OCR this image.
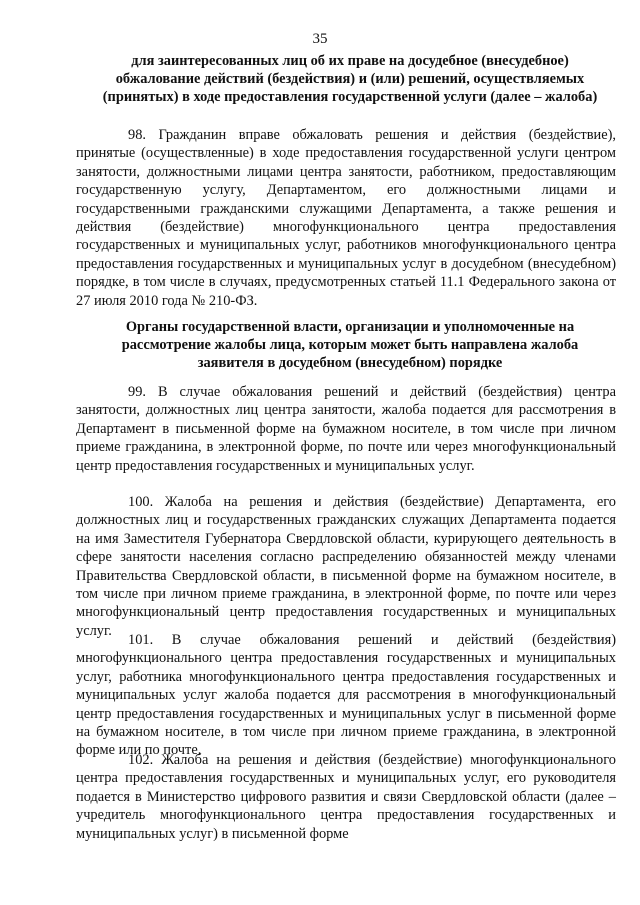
35
для заинтересованных лиц об их праве на досудебное (внесудебное) обжалование действий (бездействия) и (или) решений, осуществляемых (принятых) в ходе предоставления государственной услуги (далее – жалоба)
98. Гражданин вправе обжаловать решения и действия (бездействие), принятые (осуществленные) в ходе предоставления государственной услуги центром занятости, должностными лицами центра занятости, работником, предоставляющим государственную услугу, Департаментом, его должностными лицами и государственными гражданскими служащими Департамента, а также решения и действия (бездействие) многофункционального центра предоставления государственных и муниципальных услуг, работников многофункционального центра предоставления государственных и муниципальных услуг в досудебном (внесудебном) порядке, в том числе в случаях, предусмотренных статьей 11.1 Федерального закона от 27 июля 2010 года № 210-ФЗ.
Органы государственной власти, организации и уполномоченные на рассмотрение жалобы лица, которым может быть направлена жалоба заявителя в досудебном (внесудебном) порядке
99. В случае обжалования решений и действий (бездействия) центра занятости, должностных лиц центра занятости, жалоба подается для рассмотрения в Департамент в письменной форме на бумажном носителе, в том числе при личном приеме гражданина, в электронной форме, по почте или через многофункциональный центр предоставления государственных и муниципальных услуг.
100. Жалоба на решения и действия (бездействие) Департамента, его должностных лиц и государственных гражданских служащих Департамента подается на имя Заместителя Губернатора Свердловской области, курирующего деятельность в сфере занятости населения согласно распределению обязанностей между членами Правительства Свердловской области, в письменной форме на бумажном носителе, в том числе при личном приеме гражданина, в электронной форме, по почте или через многофункциональный центр предоставления государственных и муниципальных услуг.
101. В случае обжалования решений и действий (бездействия) многофункционального центра предоставления государственных и муниципальных услуг, работника многофункционального центра предоставления государственных и муниципальных услуг жалоба подается для рассмотрения в многофункциональный центр предоставления государственных и муниципальных услуг в письменной форме на бумажном носителе, в том числе при личном приеме гражданина, в электронной форме или по почте.
102. Жалоба на решения и действия (бездействие) многофункционального центра предоставления государственных и муниципальных услуг, его руководителя подается в Министерство цифрового развития и связи Свердловской области (далее – учредитель многофункционального центра предоставления государственных и муниципальных услуг) в письменной форме
